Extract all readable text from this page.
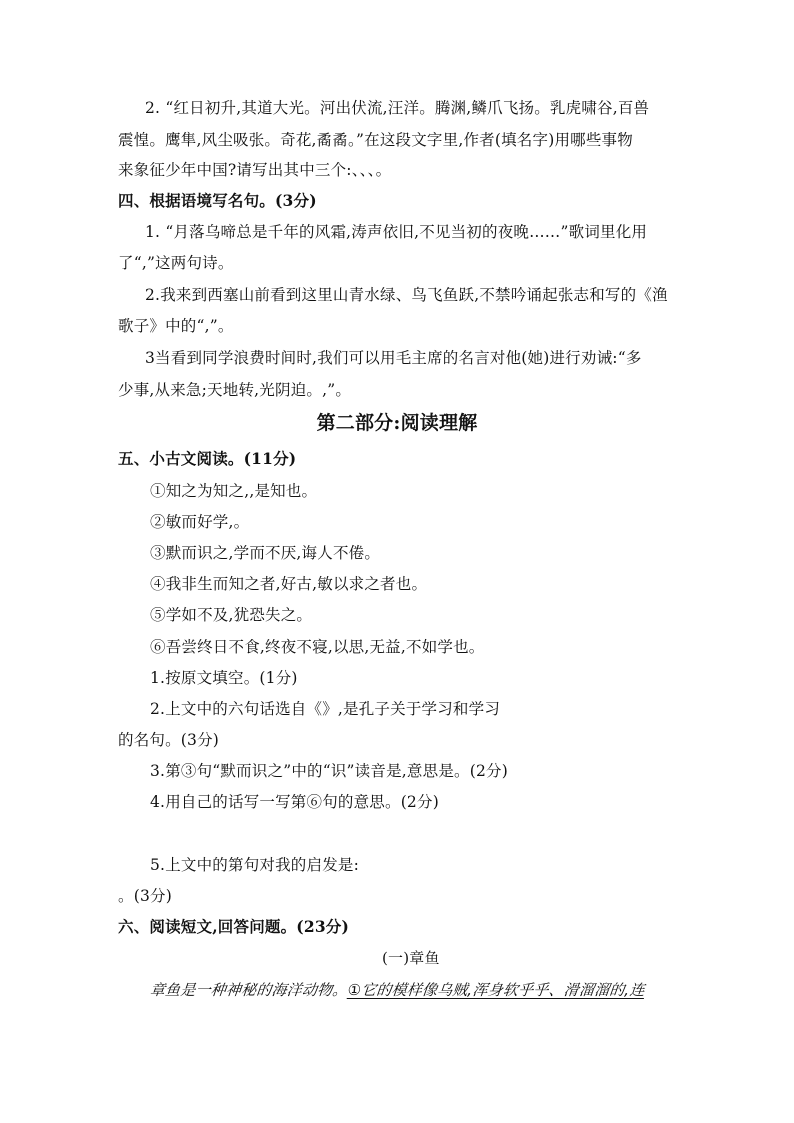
2. “红日初升,其道大光。河出伏流,汪洋。腾渊,鳞爪飞扬。乳虎啸谷,百兽
震惶。鹰隼,风尘吸张。奇花,矞矞。”在这段文字里,作者(填名字)用哪些事物
来象征少年中国?请写出其中三个:、、、。
四、根据语境写名句。(3分)
1. “月落乌啼总是千年的风霜,涛声依旧,不见当初的夜晚……”歌词里化用
了“,”这两句诗。
2.我来到西塞山前看到这里山青水绿、鸟飞鱼跃,不禁吟诵起张志和写的《渔
歌子》中的“,”。
3当看到同学浪费时间时,我们可以用毛主席的名言对他(她)进行劝诫:“多
少事,从来急;天地转,光阴迫。,”。
第二部分:阅读理解
五、小古文阅读。(11分)
①知之为知之,,是知也。
②敏而好学,。
③默而识之,学而不厌,诲人不倦。
④我非生而知之者,好古,敏以求之者也。
⑤学如不及,犹恐失之。
⑥吾尝终日不食,终夜不寝,以思,无益,不如学也。
1.按原文填空。(1分)
2.上文中的六句话选自《》,是孔子关于学习和学习
的名句。(3分)
3.第③句“默而识之”中的“识”读音是,意思是。(2分)
4.用自己的话写一写第⑥句的意思。(2分)
5.上文中的第句对我的启发是:
。(3分)
六、阅读短文,回答问题。(23分)
(一)章鱼
章鱼是一种神秘的海洋动物。①它的模样像乌贼,浑身软乎乎、滑溜溜的,连
